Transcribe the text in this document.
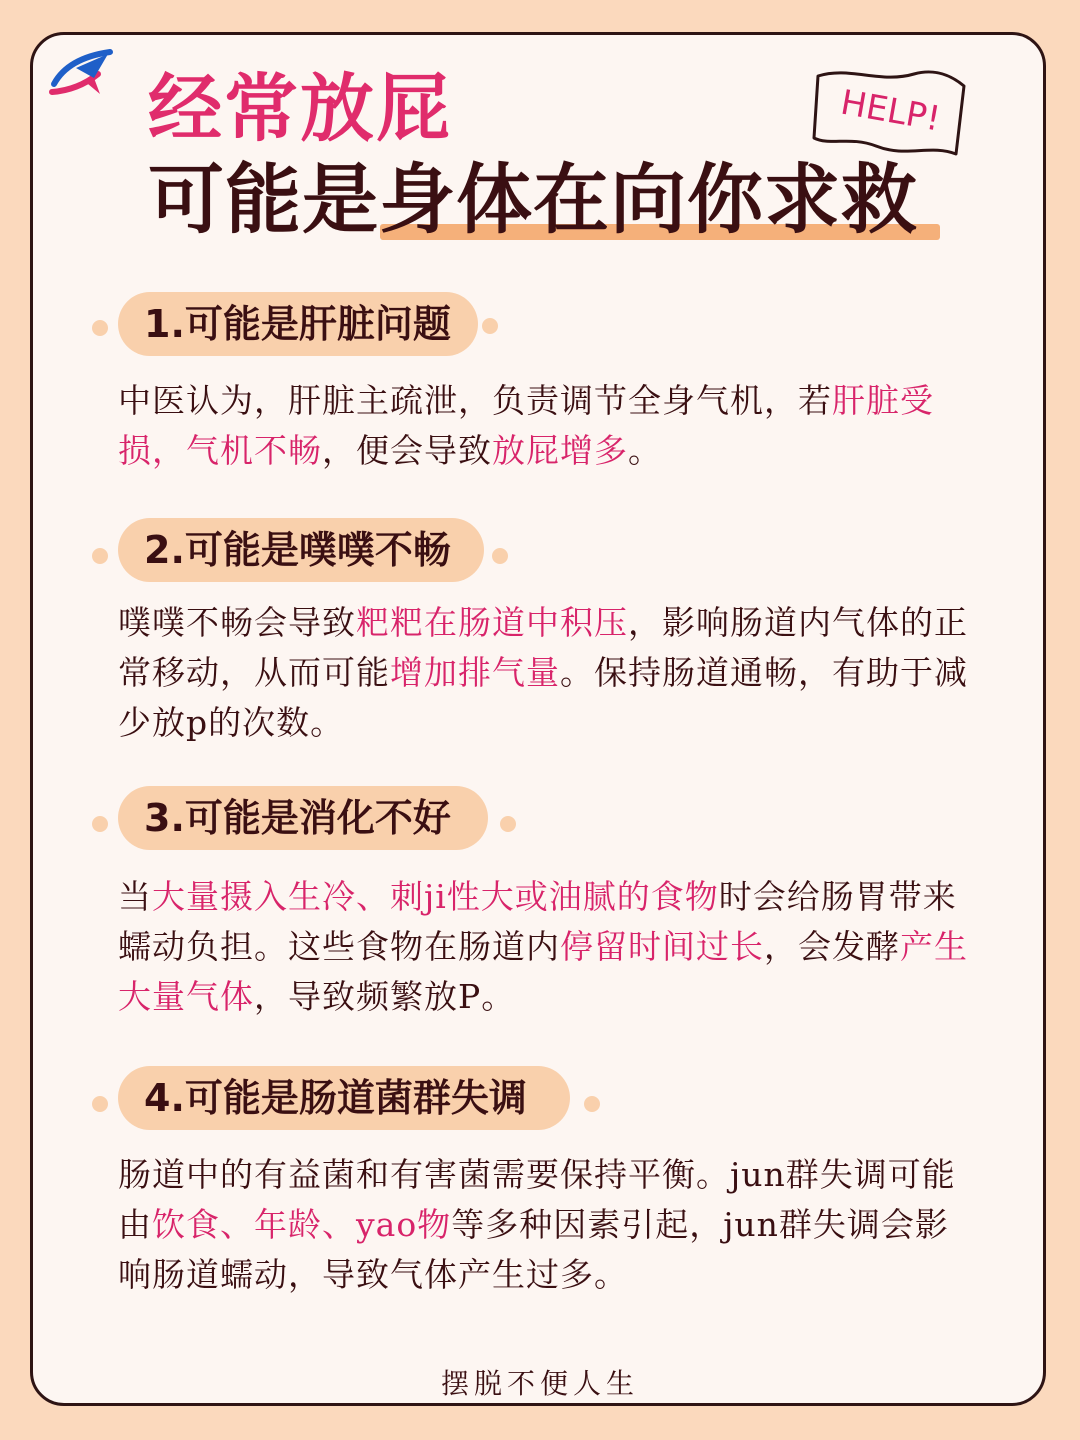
经常放屁
可能是身体在向你求救
HELP!
1.可能是肝脏问题

中医认为，肝脏主疏泄，负责调节全身气机，若肝脏受损，气机不畅，便会导致放屁增多。

2.可能是噗噗不畅

噗噗不畅会导致粑粑在肠道中积压，影响肠道内气体的正常移动，从而可能增加排气量。保持肠道通畅，有助于减少放p的次数。

3.可能是消化不好

当大量摄入生冷、刺ji性大或油腻的食物时会给肠胃带来蠕动负担。这些食物在肠道内停留时间过长，会发酵产生大量气体，导致频繁放P。

4.可能是肠道菌群失调

肠道中的有益菌和有害菌需要保持平衡。jun群失调可能由饮食、年龄、yao物等多种因素引起，jun群失调会影响肠道蠕动，导致气体产生过多。

摆脱不便人生
